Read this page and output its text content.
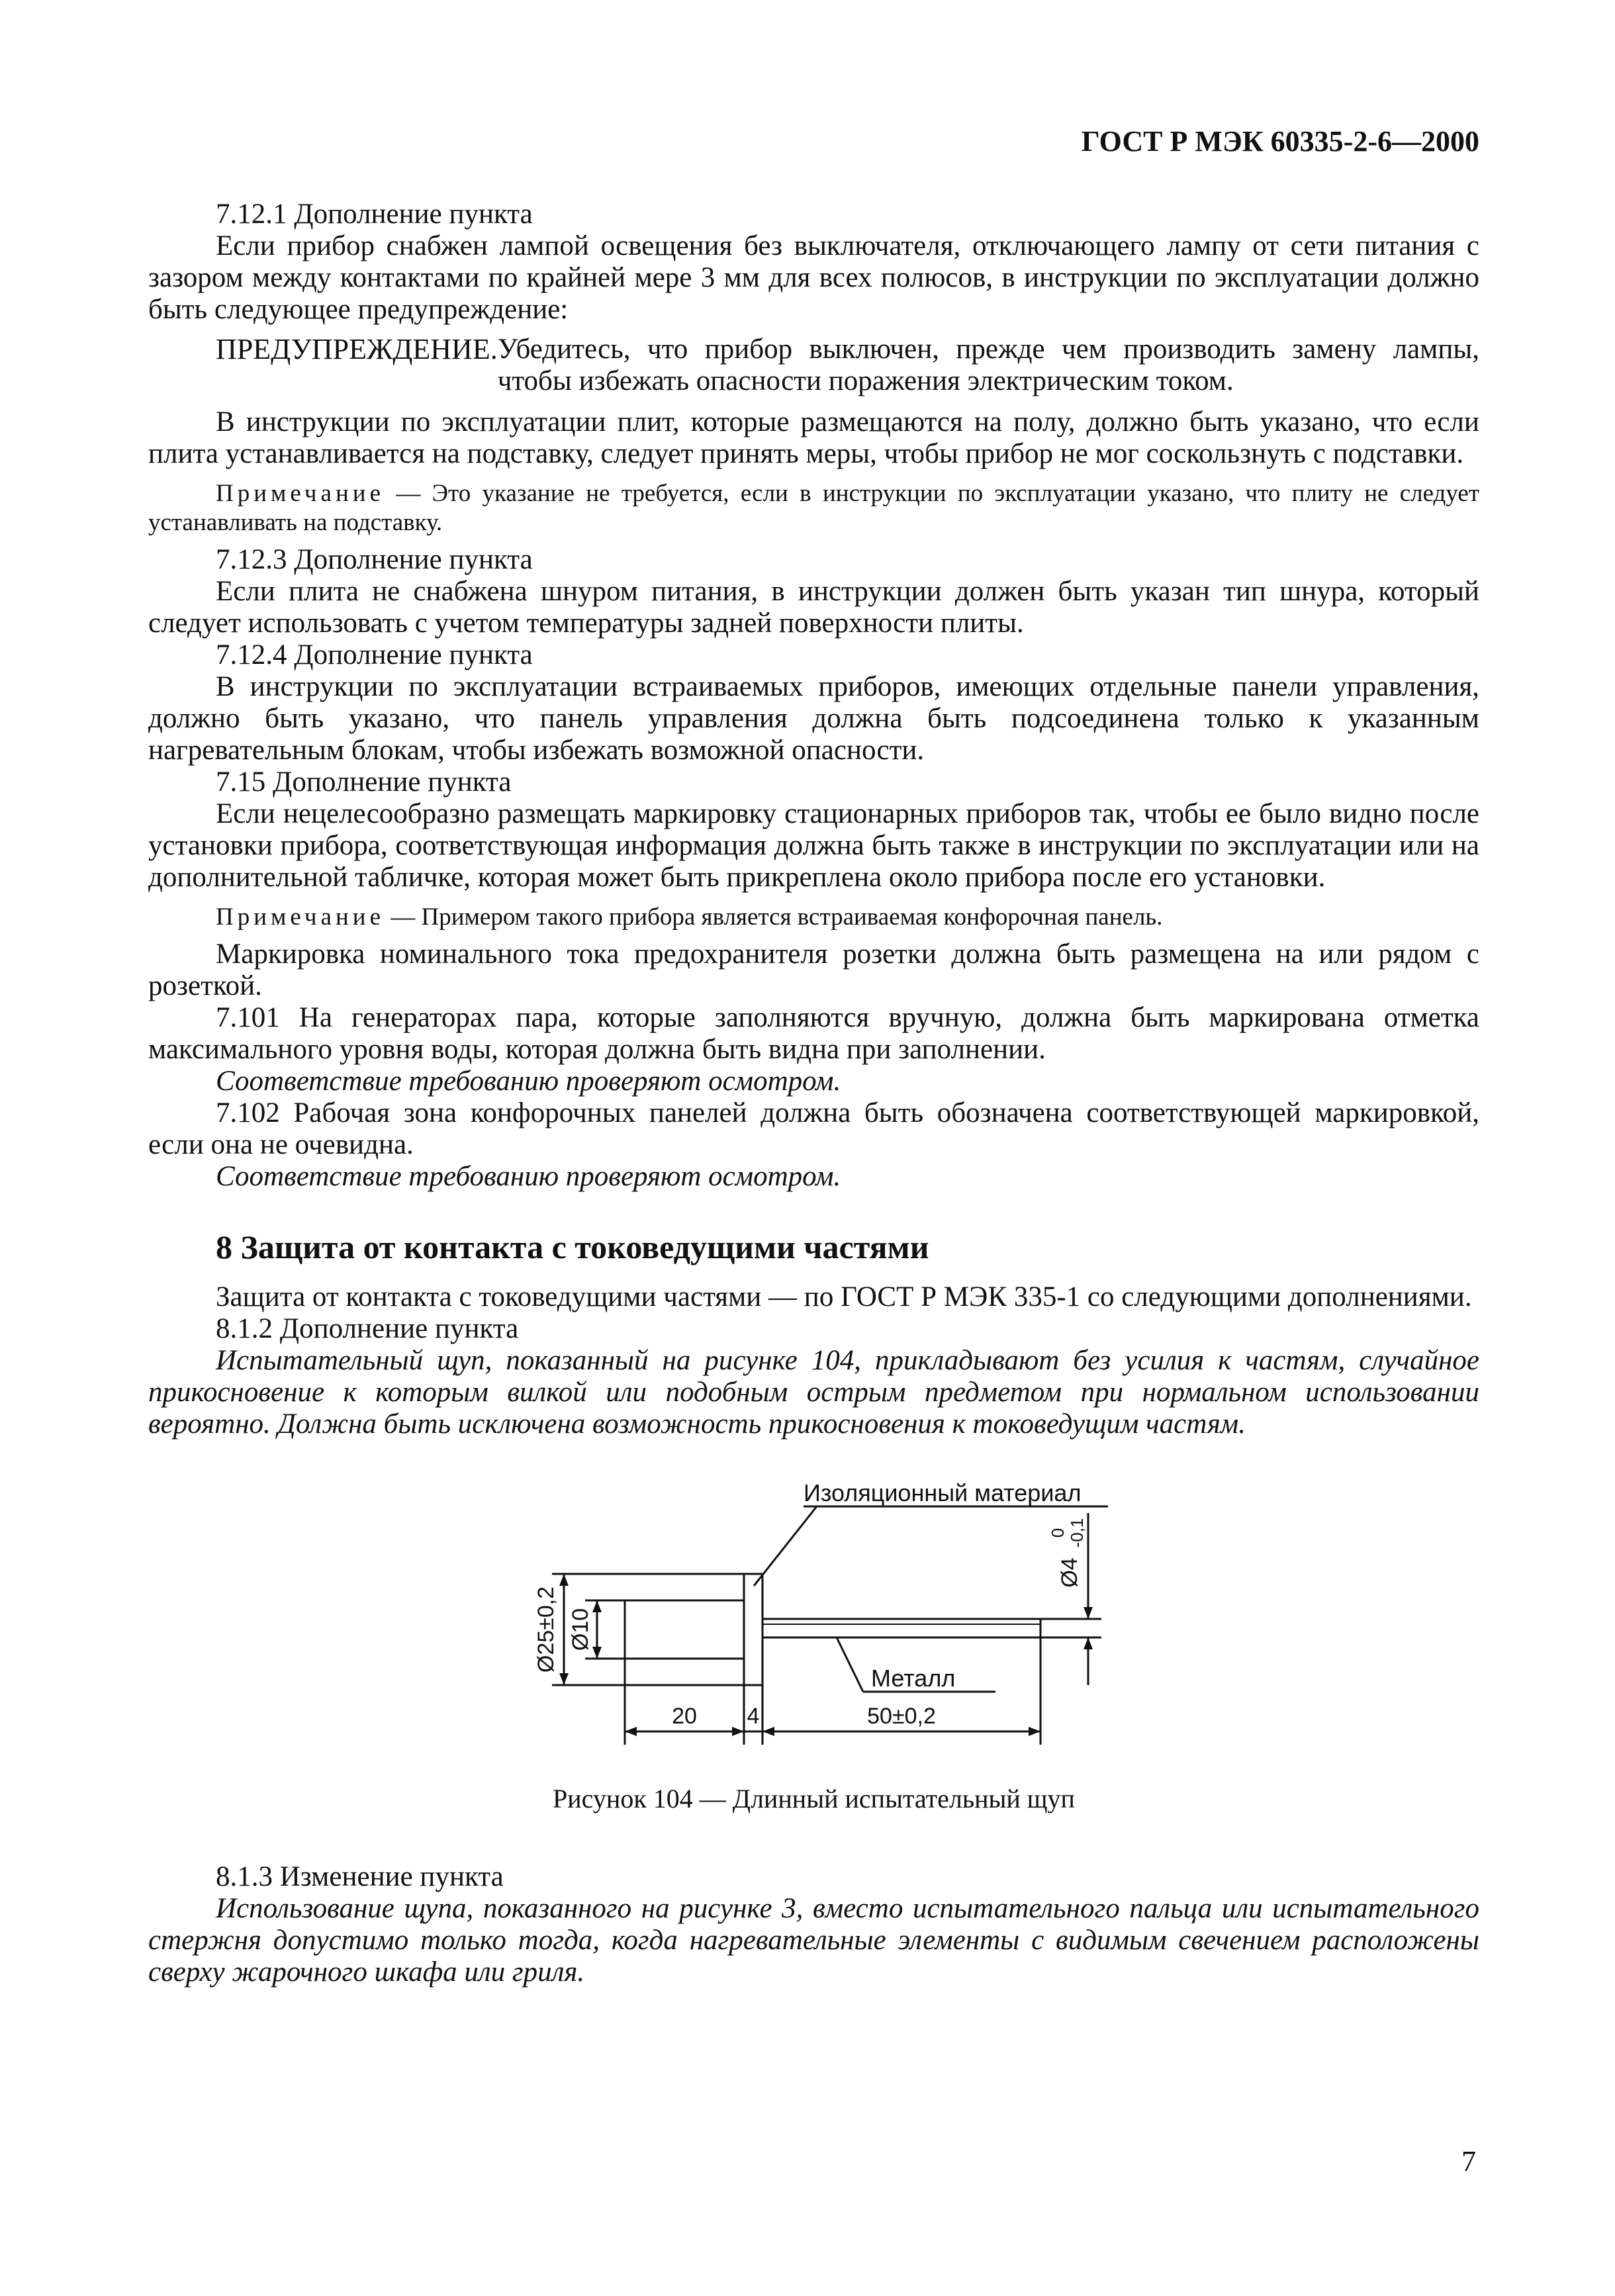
ГОСТ Р МЭК 60335-2-6—2000

7.12.1 Дополнение пункта

Если прибор снабжен лампой освещения без выключателя, отключающего лампу от сети питания с зазором между контактами по крайней мере 3 мм для всех полюсов, в инструкции по эксплуатации должно быть следующее предупреждение:

ПРЕДУПРЕЖДЕНИЕ. Убедитесь, что прибор выключен, прежде чем производить замену лампы, чтобы избежать опасности поражения электрическим током.

В инструкции по эксплуатации плит, которые размещаются на полу, должно быть указано, что если плита устанавливается на подставку, следует принять меры, чтобы прибор не мог соскользнуть с подставки.

Примечание — Это указание не требуется, если в инструкции по эксплуатации указано, что плиту не следует устанавливать на подставку.

7.12.3 Дополнение пункта

Если плита не снабжена шнуром питания, в инструкции должен быть указан тип шнура, который следует использовать с учетом температуры задней поверхности плиты.

7.12.4 Дополнение пункта

В инструкции по эксплуатации встраиваемых приборов, имеющих отдельные панели управления, должно быть указано, что панель управления должна быть подсоединена только к указанным нагревательным блокам, чтобы избежать возможной опасности.

7.15 Дополнение пункта

Если нецелесообразно размещать маркировку стационарных приборов так, чтобы ее было видно после установки прибора, соответствующая информация должна быть также в инструкции по эксплуатации или на дополнительной табличке, которая может быть прикреплена около прибора после его установки.

Примечание — Примером такого прибора является встраиваемая конфорочная панель.

Маркировка номинального тока предохранителя розетки должна быть размещена на или рядом с розеткой.

7.101 На генераторах пара, которые заполняются вручную, должна быть маркирована отметка максимального уровня воды, которая должна быть видна при заполнении.

Соответствие требованию проверяют осмотром.

7.102 Рабочая зона конфорочных панелей должна быть обозначена соответствующей маркировкой, если она не очевидна.

Соответствие требованию проверяют осмотром.

8 Защита от контакта с токоведущими частями

Защита от контакта с токоведущими частями — по ГОСТ Р МЭК 335-1 со следующими дополнениями.

8.1.2 Дополнение пункта

Испытательный щуп, показанный на рисунке 104, прикладывают без усилия к частям, случайное прикосновение к которым вилкой или подобным острым предметом при нормальном использовании вероятно. Должна быть исключена возможность прикосновения к токоведущим частям.

Изоляционный материал
Ø25±0,2 Ø10
Ø4
0 -0,1
Металл
20 4	50±0,2

Рисунок 104 — Длинный испытательный щуп

8.1.3 Изменение пункта

Использование щупа, показанного на рисунке 3, вместо испытательного пальца или испытательного стержня допустимо только тогда, когда нагревательные элементы с видимым свечением расположены сверху жарочного шкафа или гриля.

7
